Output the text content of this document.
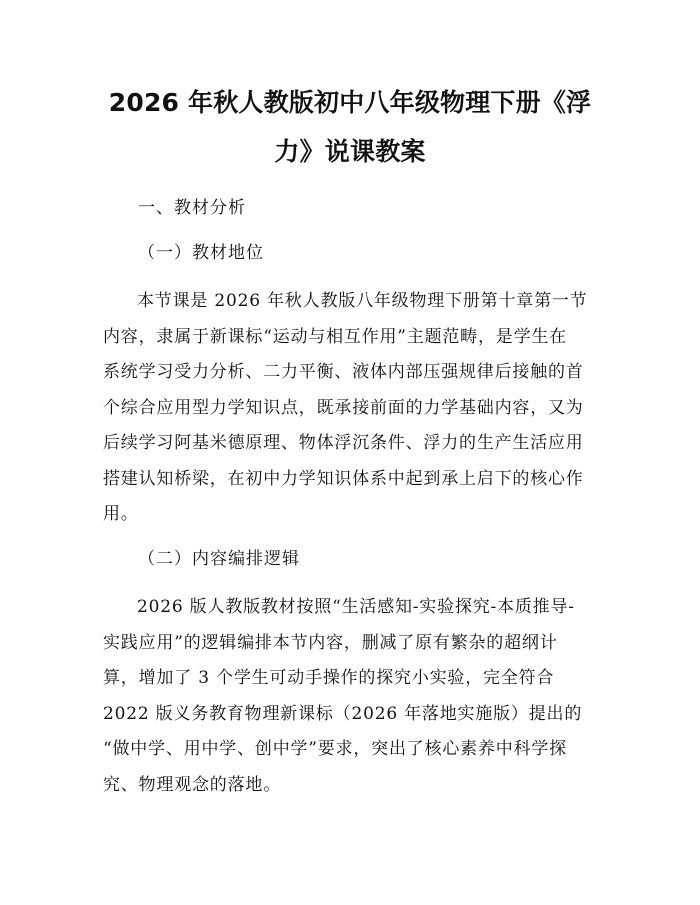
2026 年秋人教版初中八年级物理下册《浮
力》说课教案
一、教材分析
（一）教材地位
本节课是 2026 年秋人教版八年级物理下册第十章第一节
内容，隶属于新课标“运动与相互作用”主题范畴，是学生在
系统学习受力分析、二力平衡、液体内部压强规律后接触的首
个综合应用型力学知识点，既承接前面的力学基础内容，又为
后续学习阿基米德原理、物体浮沉条件、浮力的生产生活应用
搭建认知桥梁，在初中力学知识体系中起到承上启下的核心作
用。
（二）内容编排逻辑
2026 版人教版教材按照“生活感知-实验探究-本质推导-
实践应用”的逻辑编排本节内容，删减了原有繁杂的超纲计
算，增加了 3 个学生可动手操作的探究小实验，完全符合
2022 版义务教育物理新课标（2026 年落地实施版）提出的
“做中学、用中学、创中学”要求，突出了核心素养中科学探
究、物理观念的落地。
